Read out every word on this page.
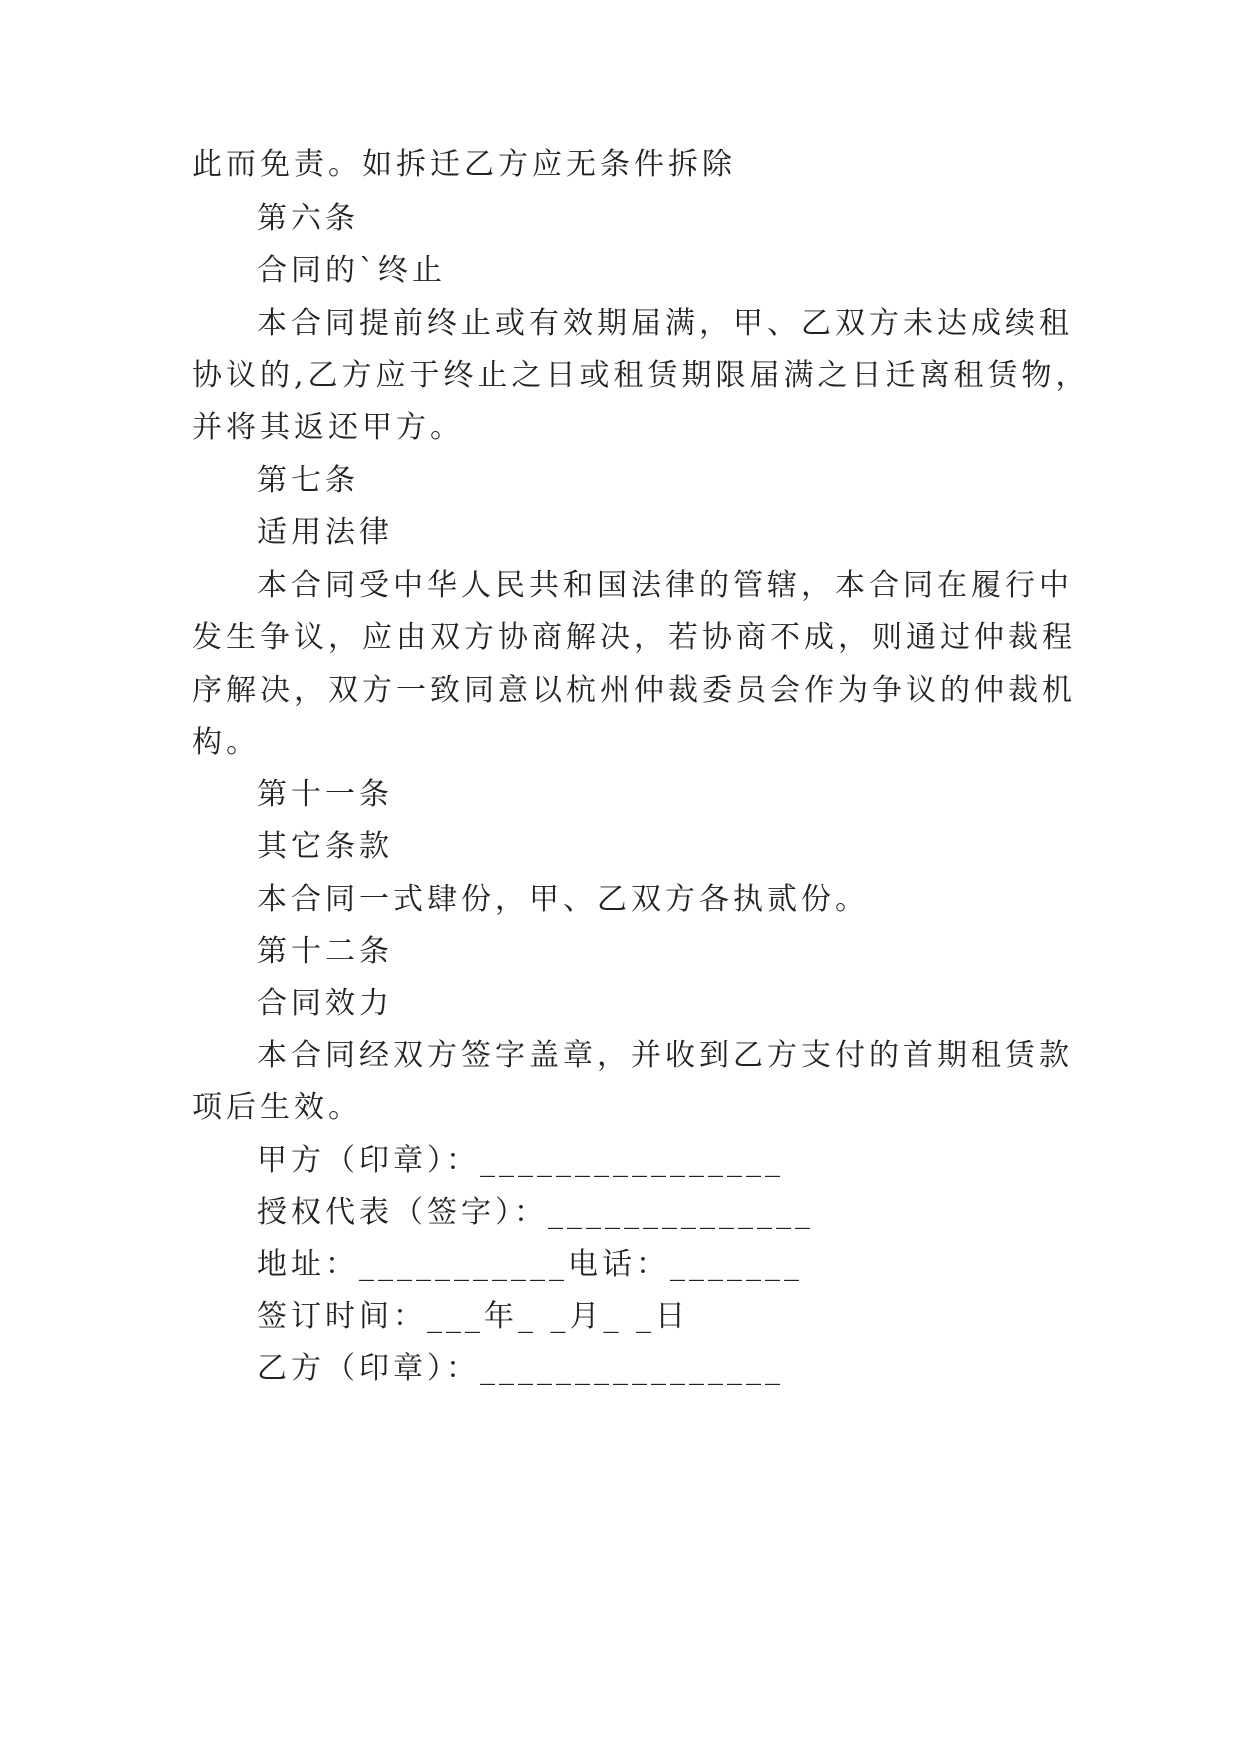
此而免责。如拆迁乙方应无条件拆除
第六条
合同的`终止
本合同提前终止或有效期届满，甲、乙双方未达成续租
协议的,乙方应于终止之日或租赁期限届满之日迁离租赁物，
并将其返还甲方。
第七条
适用法律
本合同受中华人民共和国法律的管辖，本合同在履行中
发生争议，应由双方协商解决，若协商不成，则通过仲裁程
序解决，双方一致同意以杭州仲裁委员会作为争议的仲裁机
构。
第十一条
其它条款
本合同一式肆份，甲、乙双方各执贰份。
第十二条
合同效力
本合同经双方签字盖章，并收到乙方支付的首期租赁款
项后生效。
甲方（印章）：________________
授权代表（签字）：______________
地址：___________电话：_______
签订时间：___年_ _月_ _日
乙方（印章）：________________
